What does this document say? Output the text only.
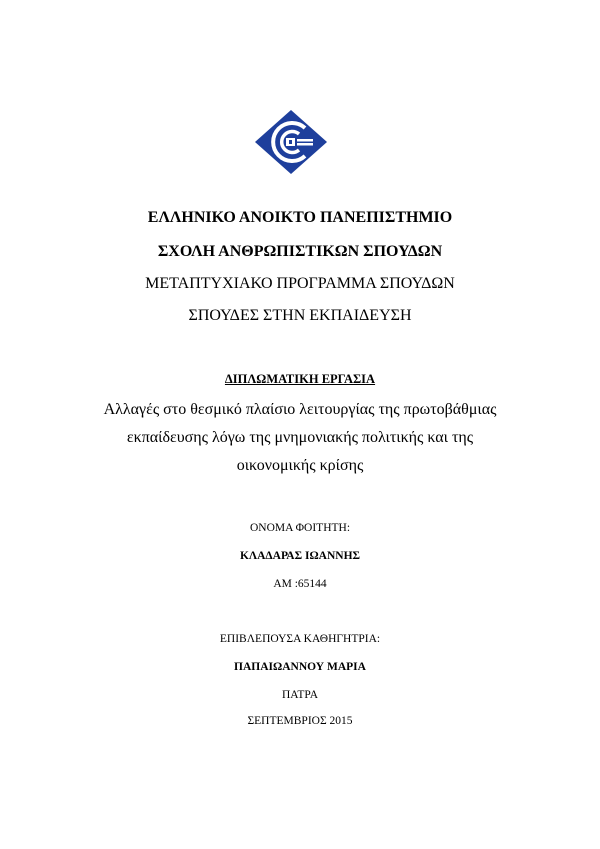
ΕΛΛΗΝΙΚΟ ΑΝΟΙΚΤΟ ΠΑΝΕΠΙΣΤΗΜΙΟ
ΣΧΟΛΗ ΑΝΘΡΩΠΙΣΤΙΚΩΝ ΣΠΟΥΔΩΝ
ΜΕΤΑΠΤΥΧΙΑΚΟ ΠΡΟΓΡΑΜΜΑ ΣΠΟΥΔΩΝ
ΣΠΟΥΔΕΣ ΣΤΗΝ ΕΚΠΑΙΔΕΥΣΗ
ΔΙΠΛΩΜΑΤΙΚΗ ΕΡΓΑΣΙΑ
Αλλαγές στο θεσμικό πλαίσιο λειτουργίας της πρωτοβάθμιας
εκπαίδευσης λόγω της μνημονιακής πολιτικής και της
οικονομικής κρίσης
ΟΝΟΜΑ ΦΟΙΤΗΤΗ:
ΚΛΑΔΑΡΑΣ ΙΩΑΝΝΗΣ
ΑΜ :65144
ΕΠΙΒΛΕΠΟΥΣΑ ΚΑΘΗΓΗΤΡΙΑ:
ΠΑΠΑΙΩΑΝΝΟΥ ΜΑΡΙΑ
ΠΑΤΡΑ
ΣΕΠΤΕΜΒΡΙΟΣ 2015
